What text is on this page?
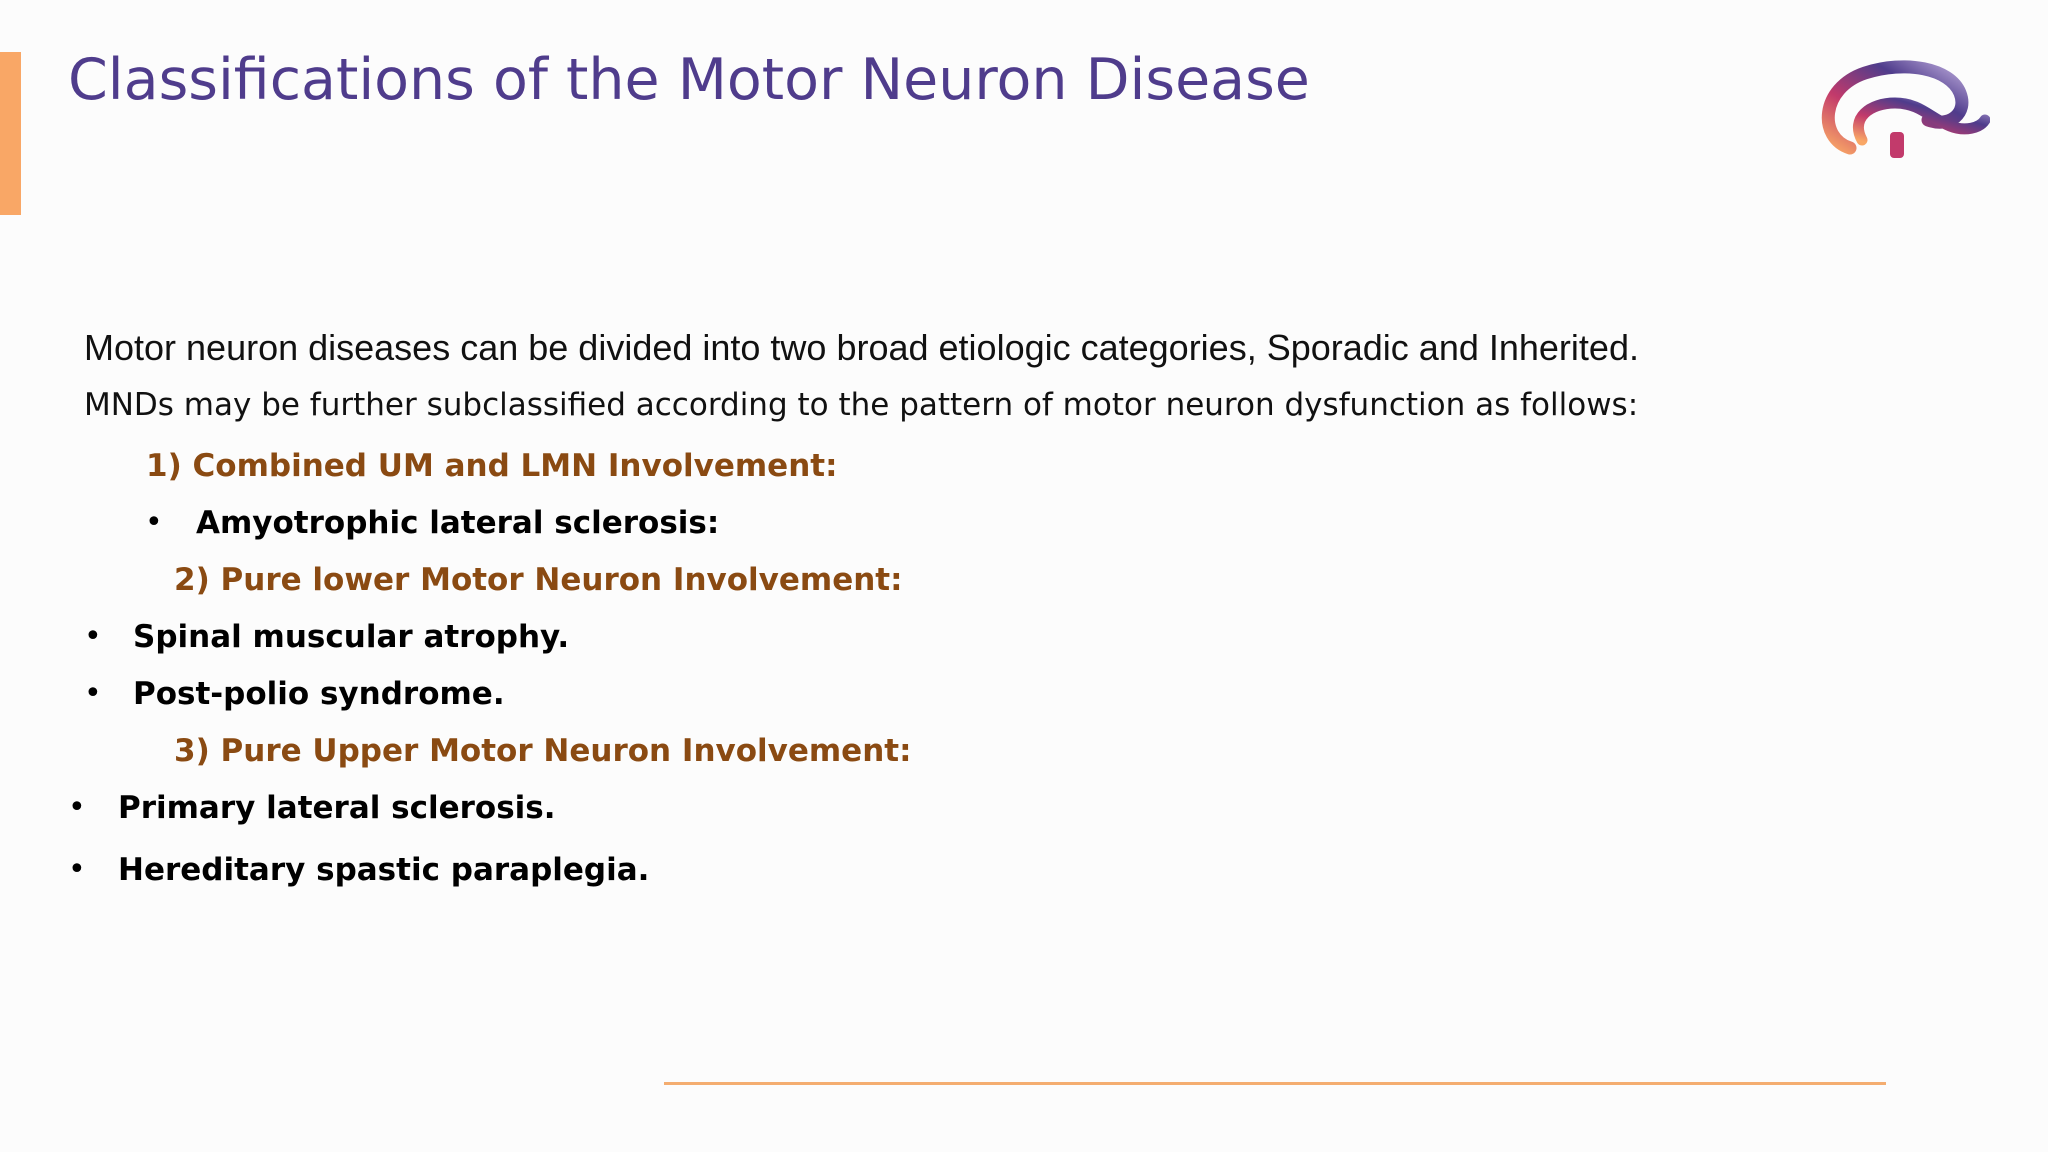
Classifications of the Motor Neuron Disease

Motor neuron diseases can be divided into two broad etiologic categories, Sporadic and Inherited.

MNDs may be further subclassified according to the pattern of motor neuron dysfunction as follows:

1) Combined UM and LMN Involvement:

• Amyotrophic lateral sclerosis:

2) Pure lower Motor Neuron Involvement:

• Spinal muscular atrophy.

• Post-polio syndrome.

3) Pure Upper Motor Neuron Involvement:

• Primary lateral sclerosis.

• Hereditary spastic paraplegia.
